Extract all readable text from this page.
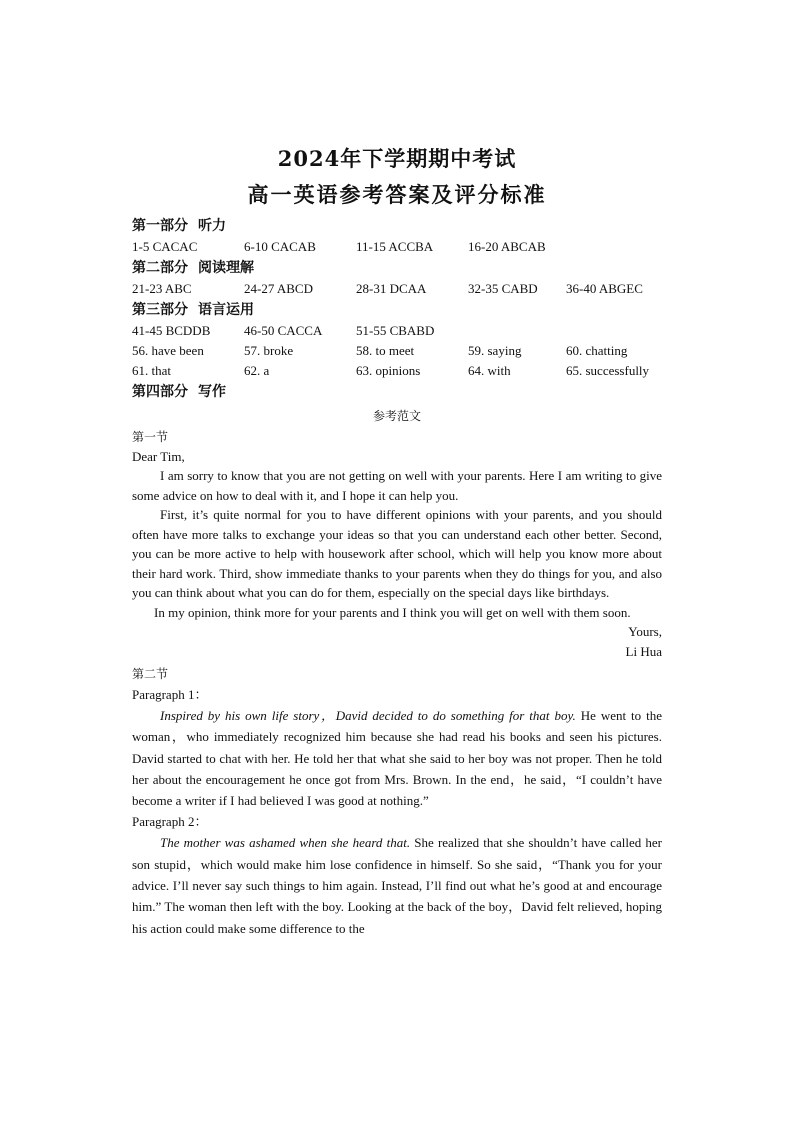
2024年下学期期中考试
高一英语参考答案及评分标准
第一部分 听力
1-5 CACAC	6-10 CACAB	11-15 ACCBA	16-20 ABCAB
第二部分 阅读理解
21-23 ABC	24-27 ABCD	28-31 DCAA	32-35 CABD	36-40 ABGEC
第三部分 语言运用
41-45 BCDDB	46-50 CACCA	51-55 CBABD
56. have been	57. broke	58. to meet	59. saying	60. chatting
61. that	62. a	63. opinions	64. with	65. successfully
第四部分 写作
参考范文
第一节
Dear Tim,

I am sorry to know that you are not getting on well with your parents. Here I am writing to give some advice on how to deal with it, and I hope it can help you.

First, it’s quite normal for you to have different opinions with your parents, and you should often have more talks to exchange your ideas so that you can understand each other better. Second, you can be more active to help with housework after school, which will help you know more about their hard work. Third, show immediate thanks to your parents when they do things for you, and also you can think about what you can do for them, especially on the special days like birthdays.

In my opinion, think more for your parents and I think you will get on well with them soon.

Yours,
Li Hua
第二节
Paragraph 1：

Inspired by his own life story，David decided to do something for that boy. He went to the woman，who immediately recognized him because she had read his books and seen his pictures. David started to chat with her. He told her that what she said to her boy was not proper. Then he told her about the encouragement he once got from Mrs. Brown. In the end，he said，“I couldn’t have become a writer if I had believed I was good at nothing.”

Paragraph 2：

The mother was ashamed when she heard that. She realized that she shouldn’t have called her son stupid，which would make him lose confidence in himself. So she said，“Thank you for your advice. I’ll never say such things to him again. Instead, I’ll find out what he’s good at and encourage him.” The woman then left with the boy. Looking at the back of the boy，David felt relieved, hoping his action could make some difference to the
